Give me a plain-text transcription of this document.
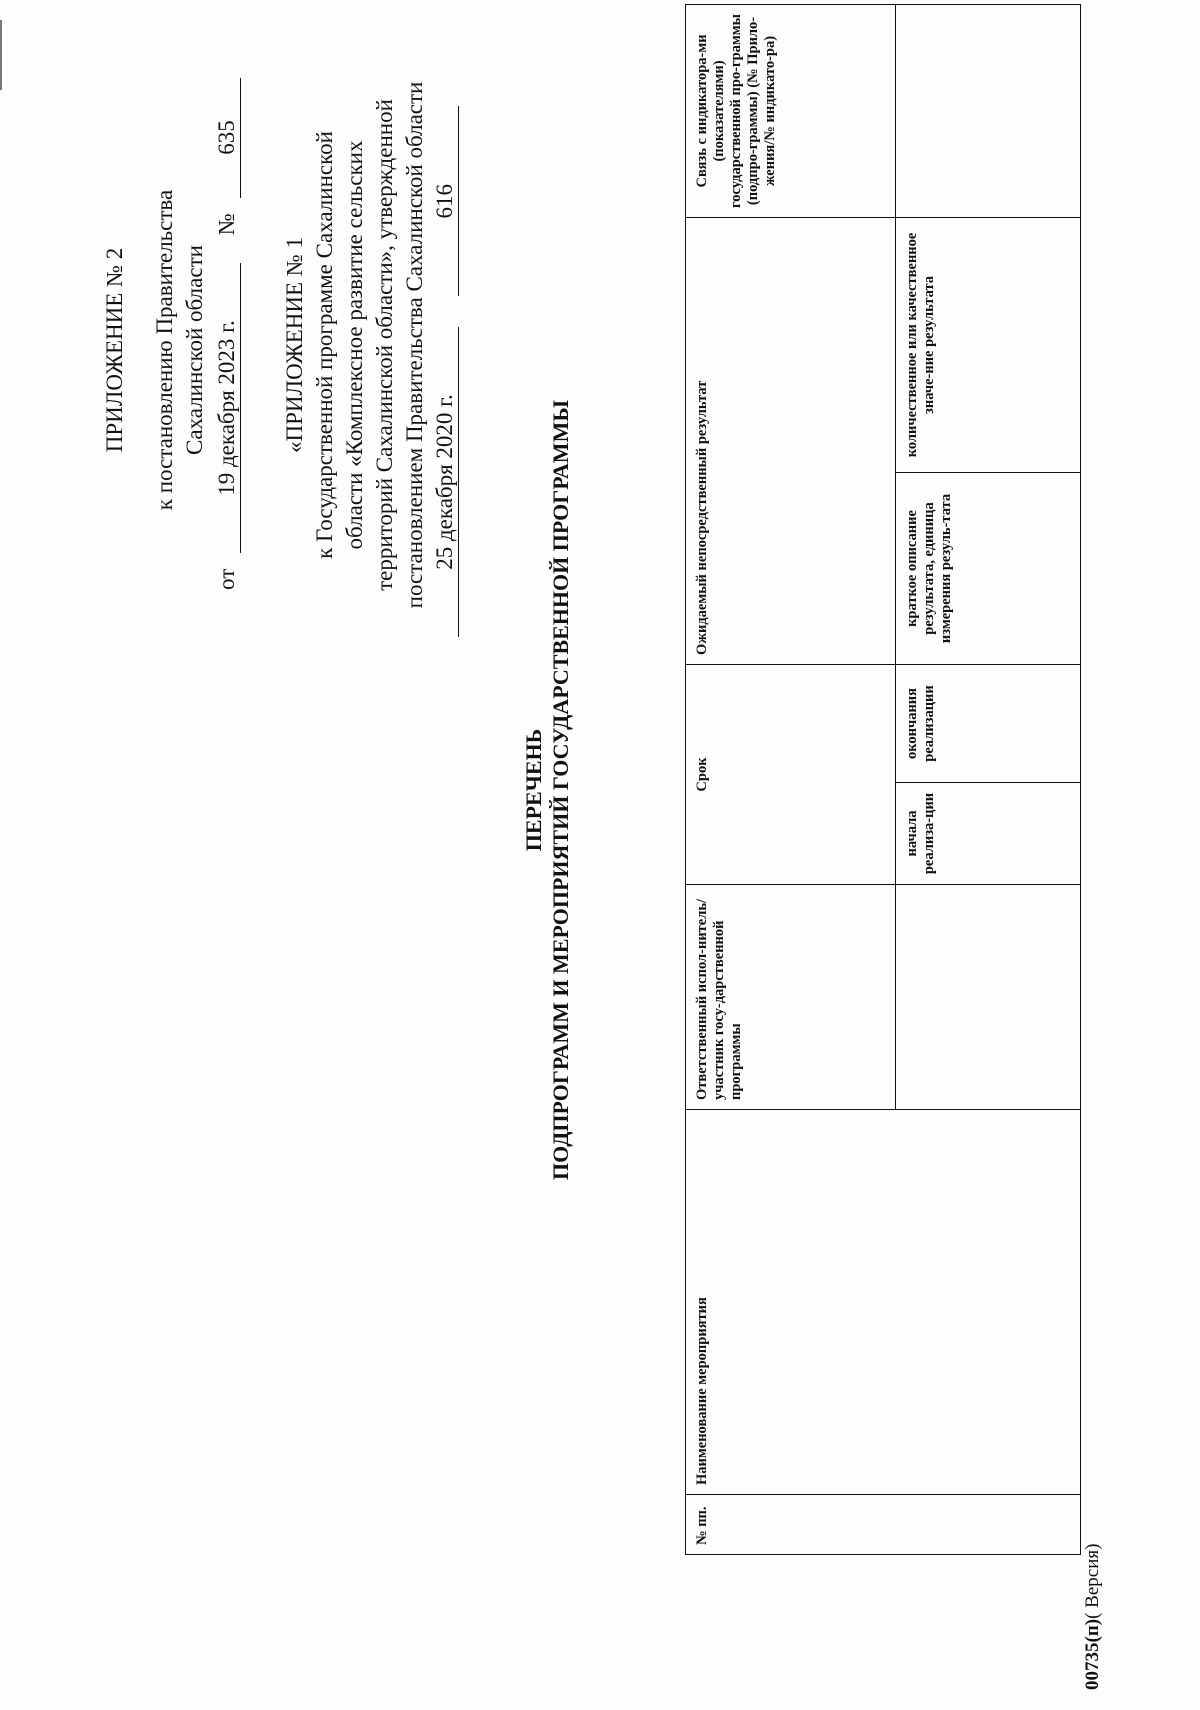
ПРИЛОЖЕНИЕ № 2 к постановлению Правительства Сахалинской области
от 19 декабря 2023 г. № 635
«ПРИЛОЖЕНИЕ № 1 к Государственной программе Сахалинской области «Комплексное развитие сельских территорий Сахалинской области», утвержденной постановлением Правительства Сахалинской области 25 декабря 2020 г. 616
ПЕРЕЧЕНЬ ПОДПРОГРАММ И МЕРОПРИЯТИЙ ГОСУДАРСТВЕННОЙ ПРОГРАММЫ
№ пп.	Наименование мероприятия	Ответственный испол-нитель/участник госу-дарственной программы	Срок		Ожидаемый непосредственный результат		Связь с индикатора-ми (показателями) государственной про-граммы (подпро-граммы) (№ Прило-жения/№ индикато-ра)
			начала реализа-ции	окончания реализации	краткое описание результата, единица измерения резуль-тата	количественное или качественное значе-ние результата	
00735(п)( Версия)
